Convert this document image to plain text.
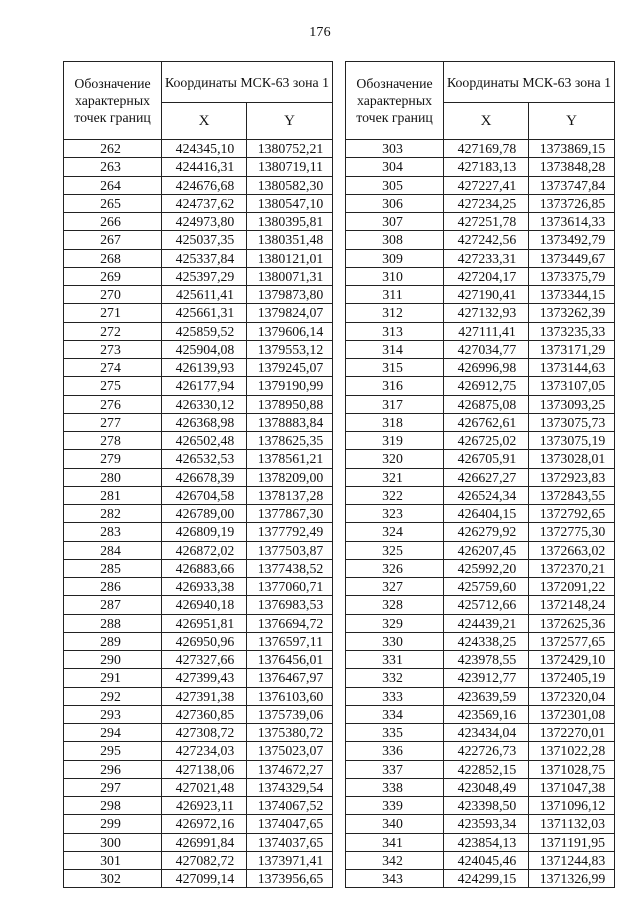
176
Обозначение характерных точек границ	Координаты МСК-63 зона 1	
	X	Y
262	424345,10	1380752,21
263	424416,31	1380719,11
264	424676,68	1380582,30
265	424737,62	1380547,10
266	424973,80	1380395,81
267	425037,35	1380351,48
268	425337,84	1380121,01
269	425397,29	1380071,31
270	425611,41	1379873,80
271	425661,31	1379824,07
272	425859,52	1379606,14
273	425904,08	1379553,12
274	426139,93	1379245,07
275	426177,94	1379190,99
276	426330,12	1378950,88
277	426368,98	1378883,84
278	426502,48	1378625,35
279	426532,53	1378561,21
280	426678,39	1378209,00
281	426704,58	1378137,28
282	426789,00	1377867,30
283	426809,19	1377792,49
284	426872,02	1377503,87
285	426883,66	1377438,52
286	426933,38	1377060,71
287	426940,18	1376983,53
288	426951,81	1376694,72
289	426950,96	1376597,11
290	427327,66	1376456,01
291	427399,43	1376467,97
292	427391,38	1376103,60
293	427360,85	1375739,06
294	427308,72	1375380,72
295	427234,03	1375023,07
296	427138,06	1374672,27
297	427021,48	1374329,54
298	426923,11	1374067,52
299	426972,16	1374047,65
300	426991,84	1374037,65
301	427082,72	1373971,41
302	427099,14	1373956,65
Обозначение характерных точек границ	Координаты МСК-63 зона 1	
	X	Y
303	427169,78	1373869,15
304	427183,13	1373848,28
305	427227,41	1373747,84
306	427234,25	1373726,85
307	427251,78	1373614,33
308	427242,56	1373492,79
309	427233,31	1373449,67
310	427204,17	1373375,79
311	427190,41	1373344,15
312	427132,93	1373262,39
313	427111,41	1373235,33
314	427034,77	1373171,29
315	426996,98	1373144,63
316	426912,75	1373107,05
317	426875,08	1373093,25
318	426762,61	1373075,73
319	426725,02	1373075,19
320	426705,91	1373028,01
321	426627,27	1372923,83
322	426524,34	1372843,55
323	426404,15	1372792,65
324	426279,92	1372775,30
325	426207,45	1372663,02
326	425992,20	1372370,21
327	425759,60	1372091,22
328	425712,66	1372148,24
329	424439,21	1372625,36
330	424338,25	1372577,65
331	423978,55	1372429,10
332	423912,77	1372405,19
333	423639,59	1372320,04
334	423569,16	1372301,08
335	423434,04	1372270,01
336	422726,73	1371022,28
337	422852,15	1371028,75
338	423048,49	1371047,38
339	423398,50	1371096,12
340	423593,34	1371132,03
341	423854,13	1371191,95
342	424045,46	1371244,83
343	424299,15	1371326,99
